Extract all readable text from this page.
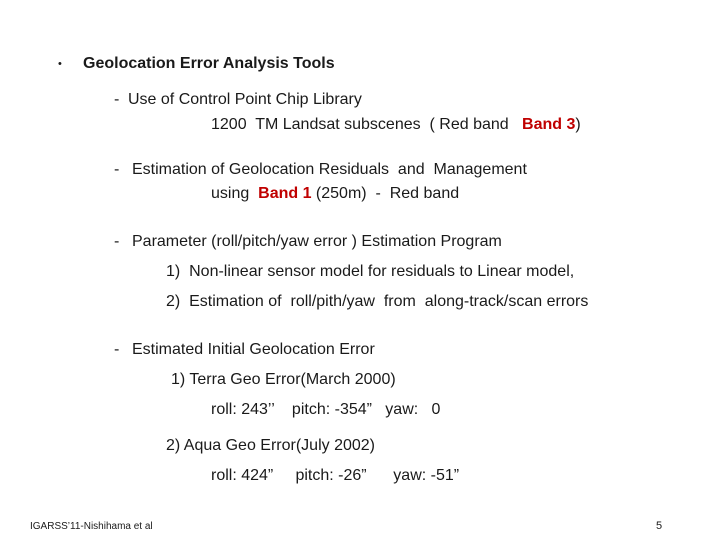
• Geolocation Error Analysis Tools
- Use of Control Point Chip Library
1200  TM Landsat subscenes  ( Red band   Band 3)
- Estimation of Geolocation Residuals  and  Management
using  Band 1 (250m)  -  Red band
- Parameter (roll/pitch/yaw error ) Estimation Program
1)  Non-linear sensor model for residuals to Linear model,
2)  Estimation of  roll/pith/yaw  from  along-track/scan errors
- Estimated Initial Geolocation Error
1) Terra Geo Error(March 2000)
roll: 243’’    pitch: -354”   yaw:   0
2) Aqua Geo Error(July 2002)
roll: 424”     pitch: -26”      yaw: -51”
IGARSS’11-Nishihama et al	5
